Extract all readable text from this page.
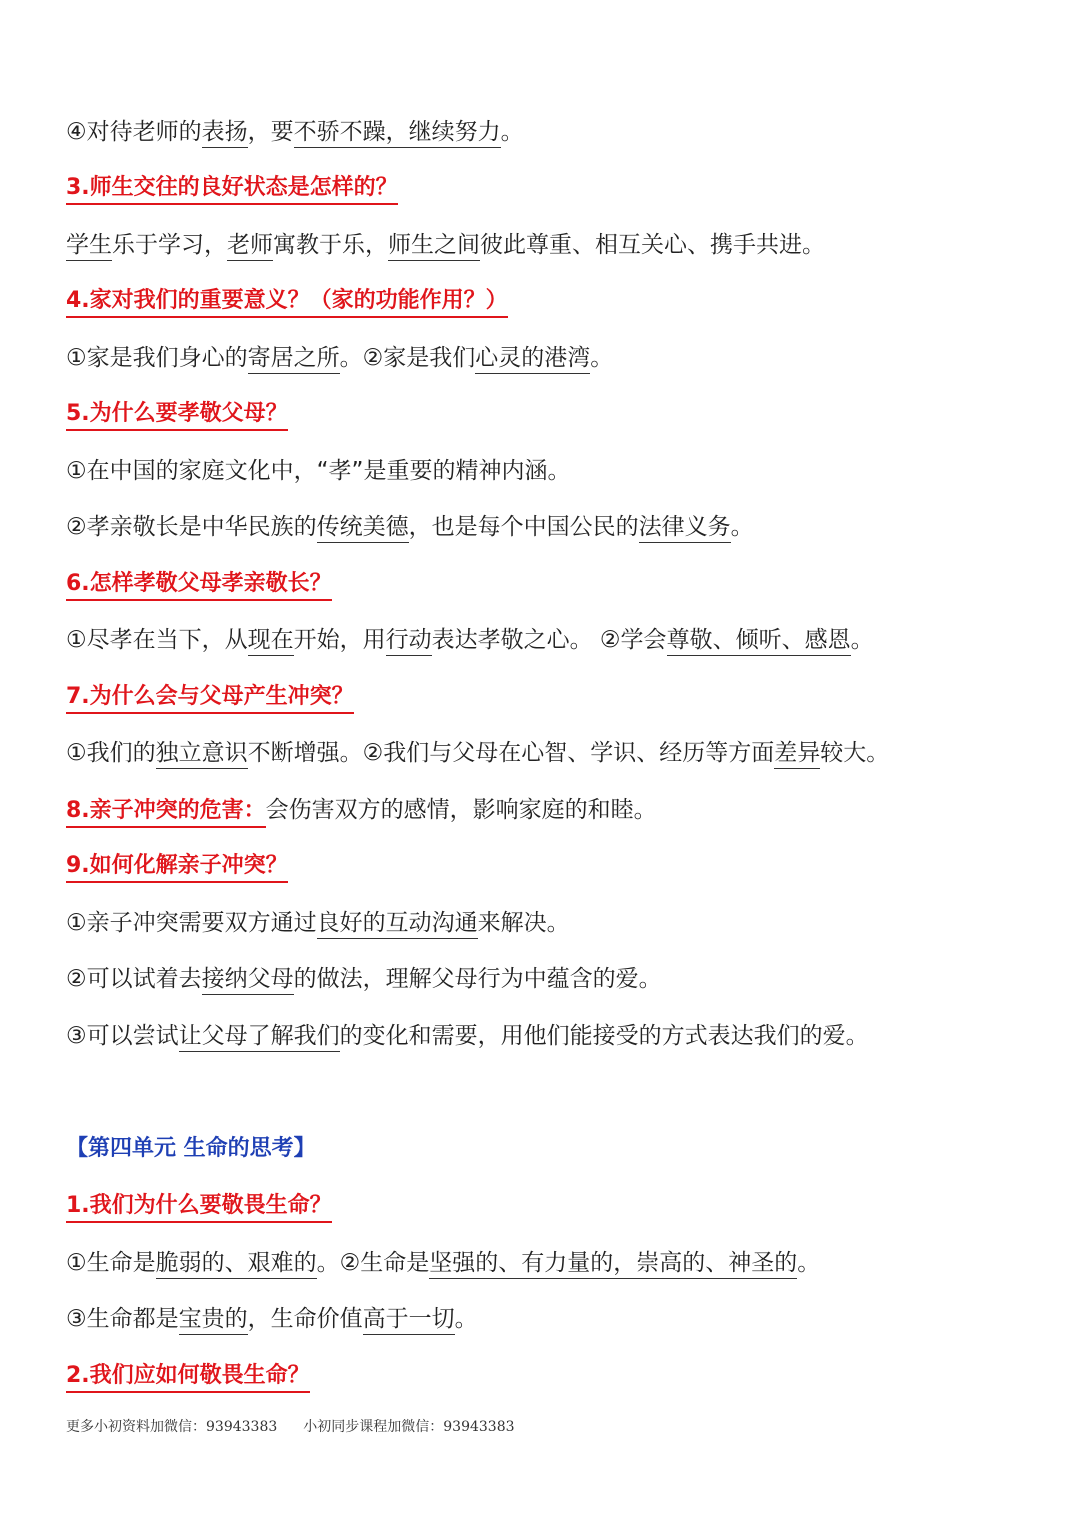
④对待老师的表扬，要不骄不躁，继续努力。
3.师生交往的良好状态是怎样的？
学生乐于学习，老师寓教于乐，师生之间彼此尊重、相互关心、携手共进。
4.家对我们的重要意义？（家的功能作用？）
①家是我们身心的寄居之所。②家是我们心灵的港湾。
5.为什么要孝敬父母？
①在中国的家庭文化中，“孝”是重要的精神内涵。
②孝亲敬长是中华民族的传统美德，也是每个中国公民的法律义务。
6.怎样孝敬父母孝亲敬长？
①尽孝在当下，从现在开始，用行动表达孝敬之心。 ②学会尊敬、倾听、感恩。
7.为什么会与父母产生冲突？
①我们的独立意识不断增强。②我们与父母在心智、学识、经历等方面差异较大。
8.亲子冲突的危害：会伤害双方的感情，影响家庭的和睦。
9.如何化解亲子冲突？
①亲子冲突需要双方通过良好的互动沟通来解决。
②可以试着去接纳父母的做法，理解父母行为中蕴含的爱。
③可以尝试让父母了解我们的变化和需要，用他们能接受的方式表达我们的爱。
【第四单元 生命的思考】
1.我们为什么要敬畏生命？
①生命是脆弱的、艰难的。②生命是坚强的、有力量的，崇高的、神圣的。
③生命都是宝贵的，生命价值高于一切。
2.我们应如何敬畏生命？
更多小初资料加微信：93943383 小初同步课程加微信：93943383
